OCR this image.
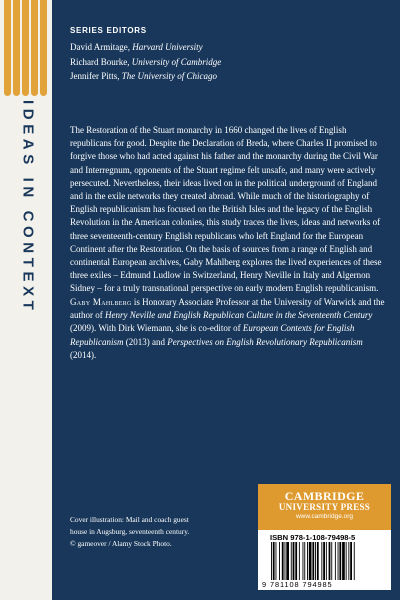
IDEAS IN CONTEXT
SERIES EDITORS
David Armitage, Harvard University
Richard Bourke, University of Cambridge
Jennifer Pitts, The University of Chicago

The Restoration of the Stuart monarchy in 1660 changed the lives of English republicans for good. Despite the Declaration of Breda, where Charles II promised to forgive those who had acted against his father and the monarchy during the Civil War and Interregnum, opponents of the Stuart regime felt unsafe, and many were actively persecuted. Nevertheless, their ideas lived on in the political underground of England and in the exile networks they created abroad. While much of the historiography of English republicanism has focused on the British Isles and the legacy of the English Revolution in the American colonies, this study traces the lives, ideas and networks of three seventeenth-century English republicans who left England for the European Continent after the Restoration. On the basis of sources from a range of English and continental European archives, Gaby Mahlberg explores the lived experiences of these three exiles – Edmund Ludlow in Switzerland, Henry Neville in Italy and Algernon Sidney – for a truly transnational perspective on early modern English republicanism.

Gaby Mahlberg is Honorary Associate Professor at the University of Warwick and the author of Henry Neville and English Republican Culture in the Seventeenth Century (2009). With Dirk Wiemann, she is co-editor of European Contexts for English Republicanism (2013) and Perspectives on English Revolutionary Republicanism (2014).

Cover illustration: Mail and coach guest
house in Augsburg, seventeenth century.
© gameover / Alamy Stock Photo.
CAMBRIDGE
UNIVERSITY PRESS
www.cambridge.org
ISBN 978-1-108-79498-5
9 781108 794985
